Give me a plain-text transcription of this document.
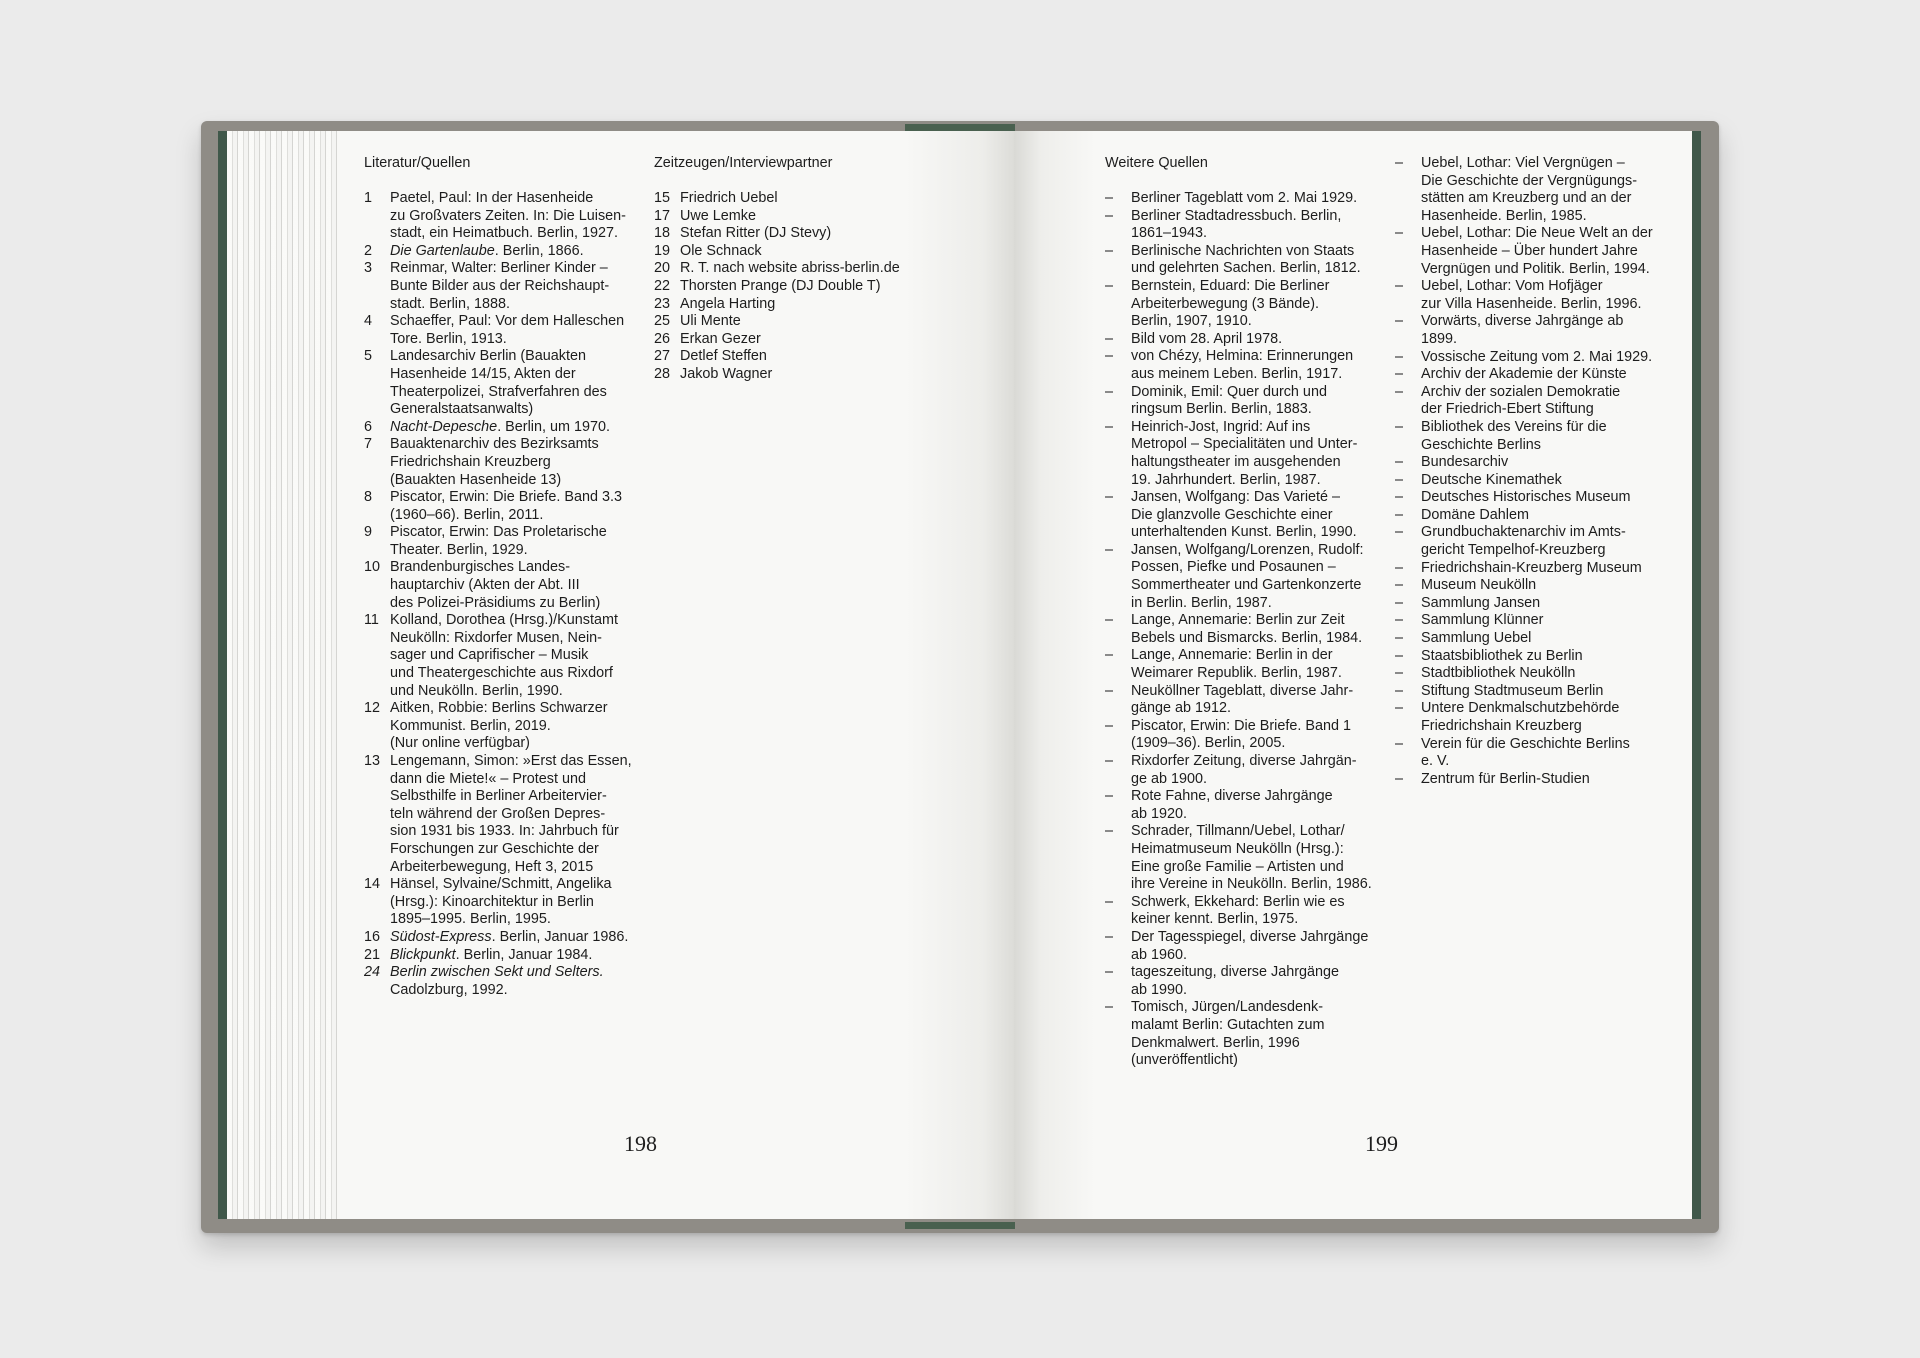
Literatur/Quellen
1	Paetel, Paul: In der Hasenheide
zu Großvaters Zeiten. In: Die Luisen-
stadt, ein Heimatbuch. Berlin, 1927.
2	Die Gartenlaube. Berlin, 1866.
3	Reinmar, Walter: Berliner Kinder –
Bunte Bilder aus der Reichshaupt-
stadt. Berlin, 1888.
4	Schaeffer, Paul: Vor dem Halleschen
Tore. Berlin, 1913.
5	Landesarchiv Berlin (Bauakten
Hasenheide 14/15, Akten der
Theaterpolizei, Strafverfahren des
Generalstaatsanwalts)
6	Nacht-Depesche. Berlin, um 1970.
7	Bauaktenarchiv des Bezirksamts
Friedrichshain Kreuzberg
(Bauakten Hasenheide 13)
8	Piscator, Erwin: Die Briefe. Band 3.3
(1960–66). Berlin, 2011.
9	Piscator, Erwin: Das Proletarische
Theater. Berlin, 1929.
10 Brandenburgisches Landes-
hauptarchiv (Akten der Abt. III
des Polizei-Präsidiums zu Berlin)
11 Kolland, Dorothea (Hrsg.)/Kunstamt
Neukölln: Rixdorfer Musen, Nein-
sager und Caprifischer – Musik
und Theatergeschichte aus Rixdorf
und Neukölln. Berlin, 1990.
12 Aitken, Robbie: Berlins Schwarzer
Kommunist. Berlin, 2019.
(Nur online verfügbar)
13 Lengemann, Simon: »Erst das Essen,
dann die Miete!« – Protest und
Selbsthilfe in Berliner Arbeitervier-
teln während der Großen Depres-
sion 1931 bis 1933. In: Jahrbuch für
Forschungen zur Geschichte der
Arbeiterbewegung, Heft 3, 2015
14 Hänsel, Sylvaine/Schmitt, Angelika
(Hrsg.): Kinoarchitektur in Berlin
1895–1995. Berlin, 1995.
16 Südost-Express. Berlin, Januar 1986.
21 Blickpunkt. Berlin, Januar 1984.
24 Berlin zwischen Sekt und Selters.
Cadolzburg, 1992.
Zeitzeugen/Interviewpartner
15 Friedrich Uebel
17 Uwe Lemke
18 Stefan Ritter (DJ Stevy)
19 Ole Schnack
20 R. T. nach website abriss-berlin.de
22 Thorsten Prange (DJ Double T)
23 Angela Harting
25 Uli Mente
26 Erkan Gezer
27 Detlef Steffen
28 Jakob Wagner
198
Weitere Quellen
–	Berliner Tageblatt vom 2. Mai 1929.
–	Berliner Stadtadressbuch. Berlin,
1861–1943.
–	Berlinische Nachrichten von Staats
und gelehrten Sachen. Berlin, 1812.
–	Bernstein, Eduard: Die Berliner
Arbeiterbewegung (3 Bände).
Berlin, 1907, 1910.
–	Bild vom 28. April 1978.
–	von Chézy, Helmina: Erinnerungen
aus meinem Leben. Berlin, 1917.
–	Dominik, Emil: Quer durch und
ringsum Berlin. Berlin, 1883.
–	Heinrich-Jost, Ingrid: Auf ins
Metropol – Specialitäten und Unter-
haltungstheater im ausgehenden
19. Jahrhundert. Berlin, 1987.
–	Jansen, Wolfgang: Das Varieté –
Die glanzvolle Geschichte einer
unterhaltenden Kunst. Berlin, 1990.
–	Jansen, Wolfgang/Lorenzen, Rudolf:
Possen, Piefke und Posaunen –
Sommertheater und Gartenkonzerte
in Berlin. Berlin, 1987.
–	Lange, Annemarie: Berlin zur Zeit
Bebels und Bismarcks. Berlin, 1984.
–	Lange, Annemarie: Berlin in der
Weimarer Republik. Berlin, 1987.
–	Neuköllner Tageblatt, diverse Jahr-
gänge ab 1912.
–	Piscator, Erwin: Die Briefe. Band 1
(1909–36). Berlin, 2005.
–	Rixdorfer Zeitung, diverse Jahrgän-
ge ab 1900.
–	Rote Fahne, diverse Jahrgänge
ab 1920.
–	Schrader, Tillmann/Uebel, Lothar/
Heimatmuseum Neukölln (Hrsg.):
Eine große Familie – Artisten und
ihre Vereine in Neukölln. Berlin, 1986.
–	Schwerk, Ekkehard: Berlin wie es
keiner kennt. Berlin, 1975.
–	Der Tagesspiegel, diverse Jahrgänge
ab 1960.
–	tageszeitung, diverse Jahrgänge
ab 1990.
–	Tomisch, Jürgen/Landesdenk-
malamt Berlin: Gutachten zum
Denkmalwert. Berlin, 1996
(unveröffentlicht)
–	Uebel, Lothar: Viel Vergnügen –
Die Geschichte der Vergnügungs-
stätten am Kreuzberg und an der
Hasenheide. Berlin, 1985.
–	Uebel, Lothar: Die Neue Welt an der
Hasenheide – Über hundert Jahre
Vergnügen und Politik. Berlin, 1994.
–	Uebel, Lothar: Vom Hofjäger
zur Villa Hasenheide. Berlin, 1996.
–	Vorwärts, diverse Jahrgänge ab
1899.
–	Vossische Zeitung vom 2. Mai 1929.
–	Archiv der Akademie der Künste
–	Archiv der sozialen Demokratie
der Friedrich-Ebert Stiftung
–	Bibliothek des Vereins für die
Geschichte Berlins
–	Bundesarchiv
–	Deutsche Kinemathek
–	Deutsches Historisches Museum
–	Domäne Dahlem
–	Grundbuchaktenarchiv im Amts-
gericht Tempelhof-Kreuzberg
–	Friedrichshain-Kreuzberg Museum
–	Museum Neukölln
–	Sammlung Jansen
–	Sammlung Klünner
–	Sammlung Uebel
–	Staatsbibliothek zu Berlin
–	Stadtbibliothek Neukölln
–	Stiftung Stadtmuseum Berlin
–	Untere Denkmalschutzbehörde
Friedrichshain Kreuzberg
–	Verein für die Geschichte Berlins
e. V.
–	Zentrum für Berlin-Studien
199
